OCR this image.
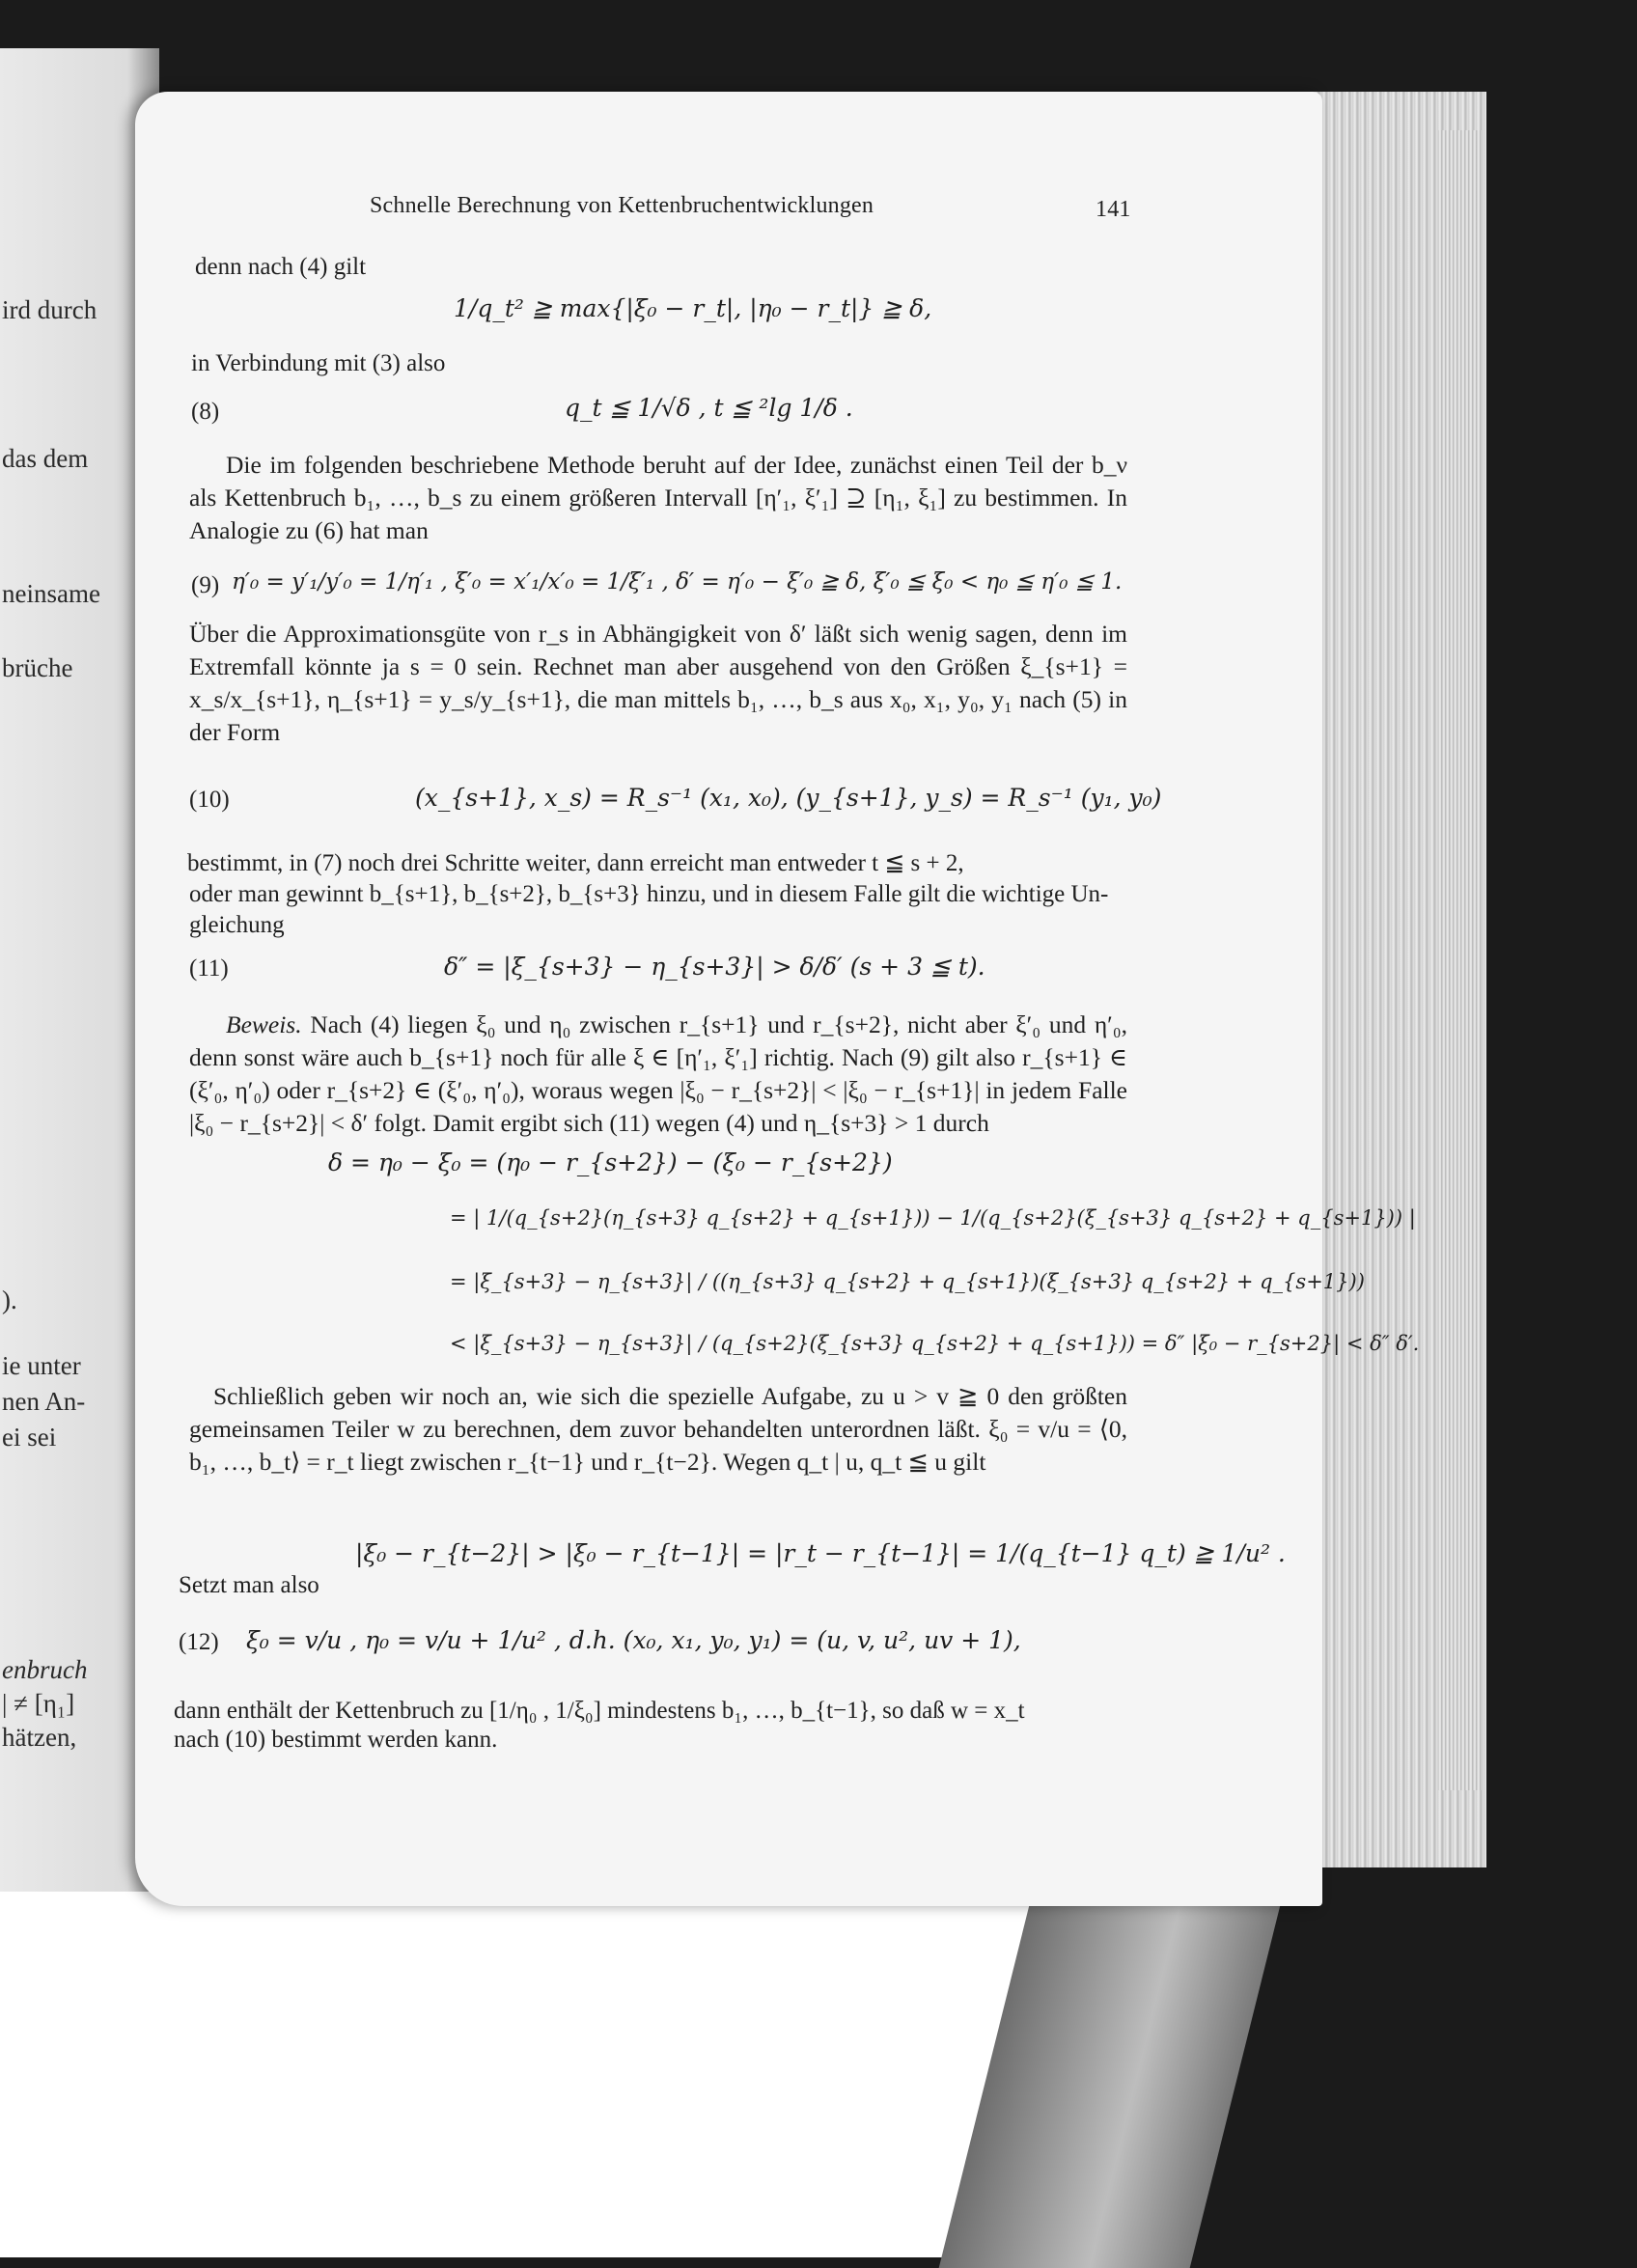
ird durch
das dem
neinsame
brüche
).
ie unter
nen An-
ei sei
enbruch
| ≠ [η₁]
hätzen,
Schnelle Berechnung von Kettenbruchentwicklungen	141
denn nach (4) gilt
1/q_t² ≧ max{|ξ₀ − r_t|, |η₀ − r_t|} ≧ δ,
in Verbindung mit (3) also
(8)	q_t ≦ 1/√δ , t ≦ ²lg 1/δ .
Die im folgenden beschriebene Methode beruht auf der Idee, zunächst einen Teil der b_ν als Kettenbruch b₁, …, b_s zu einem größeren Intervall [η′₁, ξ′₁] ⊇ [η₁, ξ₁] zu bestimmen. In Analogie zu (6) hat man
(9) η′₀ = y′₁/y′₀ = 1/η′₁ , ξ′₀ = x′₁/x′₀ = 1/ξ′₁ , δ′ = η′₀ − ξ′₀ ≧ δ, ξ′₀ ≦ ξ₀ < η₀ ≦ η′₀ ≦ 1.
Über die Approximationsgüte von r_s in Abhängigkeit von δ′ läßt sich wenig sagen, denn im Extremfall könnte ja s = 0 sein. Rechnet man aber ausgehend von den Größen ξ_{s+1} = x_s/x_{s+1}, η_{s+1} = y_s/y_{s+1}, die man mittels b₁, …, b_s aus x₀, x₁, y₀, y₁ nach (5) in der Form
(10)	(x_{s+1}, x_s) = R_s⁻¹ (x₁, x₀), (y_{s+1}, y_s) = R_s⁻¹ (y₁, y₀)
bestimmt, in (7) noch drei Schritte weiter, dann erreicht man entweder t ≦ s + 2,
oder man gewinnt b_{s+1}, b_{s+2}, b_{s+3} hinzu, und in diesem Falle gilt die wichtige Un-
gleichung
(11)	δ″ = |ξ_{s+3} − η_{s+3}| > δ/δ′ (s + 3 ≦ t).
Beweis. Nach (4) liegen ξ₀ und η₀ zwischen r_{s+1} und r_{s+2}, nicht aber ξ′₀ und η′₀, denn sonst wäre auch b_{s+1} noch für alle ξ ∈ [η′₁, ξ′₁] richtig. Nach (9) gilt also r_{s+1} ∈ (ξ′₀, η′₀) oder r_{s+2} ∈ (ξ′₀, η′₀), woraus wegen |ξ₀ − r_{s+2}| < |ξ₀ − r_{s+1}| in jedem Falle |ξ₀ − r_{s+2}| < δ′ folgt. Damit ergibt sich (11) wegen (4) und η_{s+3} > 1 durch
δ = η₀ − ξ₀ = (η₀ − r_{s+2}) − (ξ₀ − r_{s+2})
= | 1/(q_{s+2}(η_{s+3} q_{s+2} + q_{s+1})) − 1/(q_{s+2}(ξ_{s+3} q_{s+2} + q_{s+1})) |
= |ξ_{s+3} − η_{s+3}| / ((η_{s+3} q_{s+2} + q_{s+1})(ξ_{s+3} q_{s+2} + q_{s+1}))
< |ξ_{s+3} − η_{s+3}| / (q_{s+2}(ξ_{s+3} q_{s+2} + q_{s+1})) = δ″ |ξ₀ − r_{s+2}| < δ″ δ′.
Schließlich geben wir noch an, wie sich die spezielle Aufgabe, zu u > v ≧ 0 den größten gemeinsamen Teiler w zu berechnen, dem zuvor behandelten unterordnen läßt. ξ₀ = v/u = ⟨0, b₁, …, b_t⟩ = r_t liegt zwischen r_{t−1} und r_{t−2}. Wegen q_t | u, q_t ≦ u gilt
|ξ₀ − r_{t−2}| > |ξ₀ − r_{t−1}| = |r_t − r_{t−1}| = 1/(q_{t−1} q_t) ≧ 1/u² .
Setzt man also
(12) ξ₀ = v/u , η₀ = v/u + 1/u² , d.h. (x₀, x₁, y₀, y₁) = (u, v, u², uv + 1),
dann enthält der Kettenbruch zu [1/η₀ , 1/ξ₀] mindestens b₁, …, b_{t−1}, so daß w = x_t
nach (10) bestimmt werden kann.
